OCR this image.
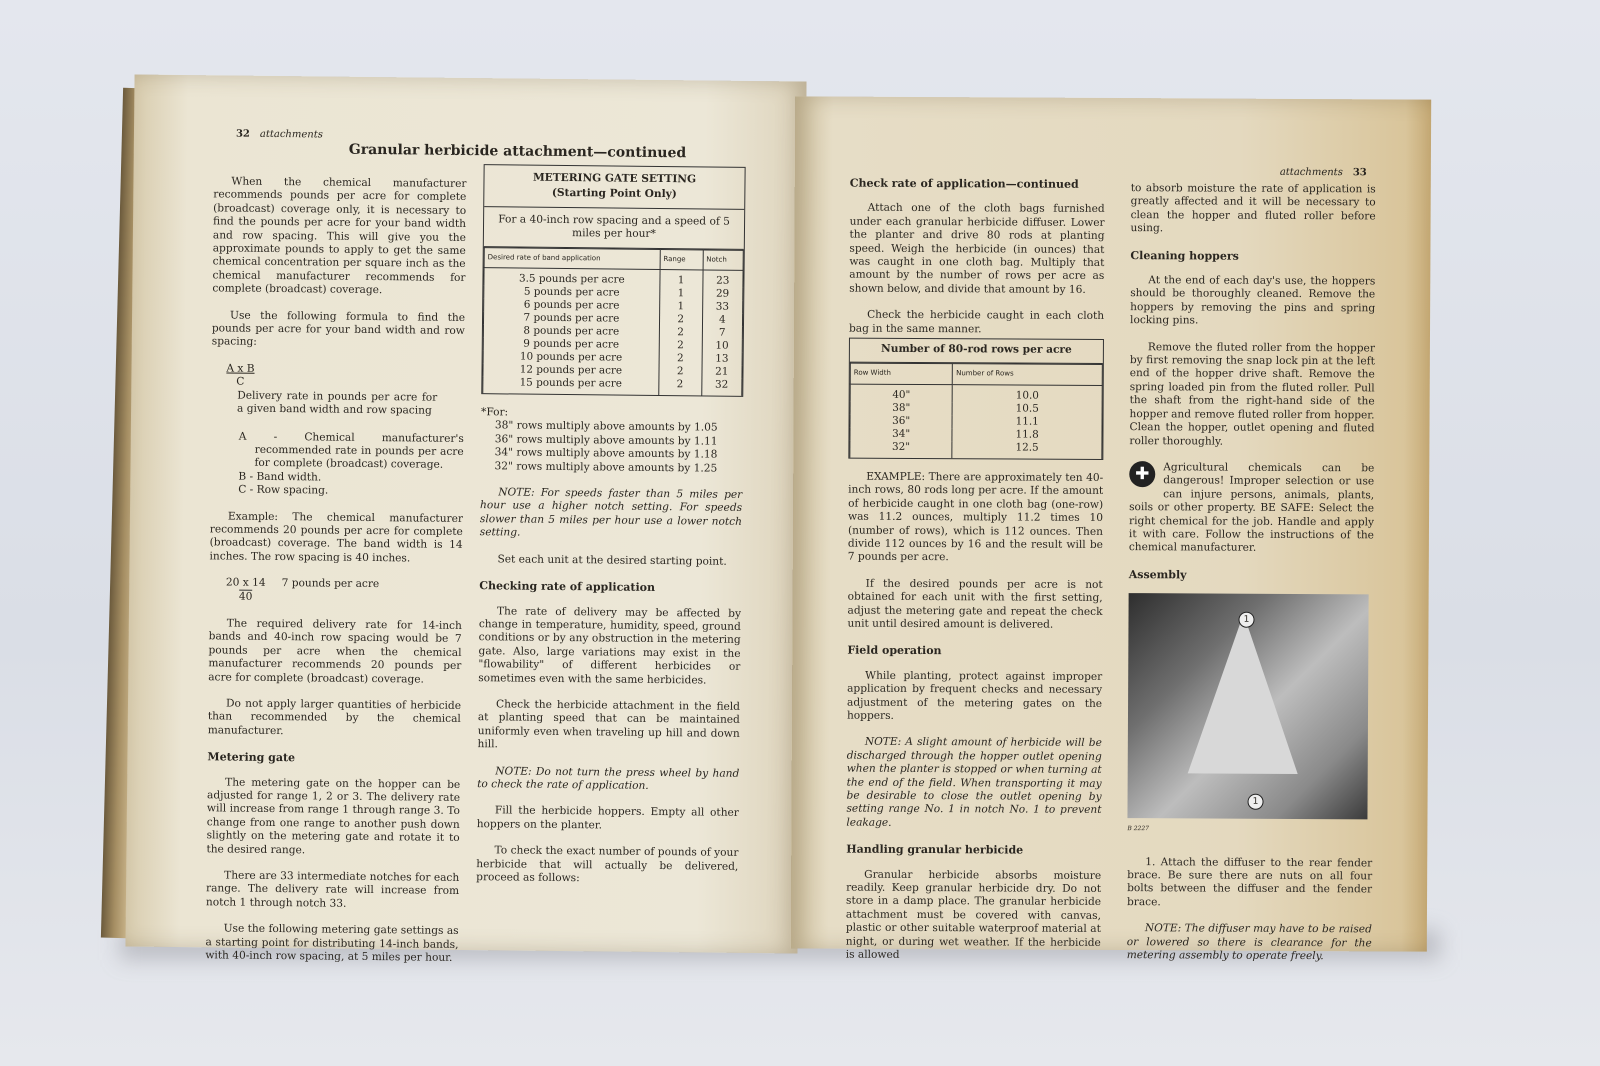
32 attachments
Granular herbicide attachment—continued

When the chemical manufacturer recommends pounds per acre for complete (broadcast) coverage only, it is necessary to find the pounds per acre for your band width and row spacing. This will give you the approximate pounds to apply to get the same chemical concentration per square inch as the chemical manufacturer recommends for complete (broadcast) coverage.

Use the following formula to find the pounds per acre for your band width and row spacing:

$\frac{\text{A x B}}{C}$ Delivery rate in pounds per acre for a given band width and row spacing
A - Chemical manufacturer's recommended rate in pounds per acre for complete (broadcast) coverage.
B - Band width.
C - Row spacing.

Example: The chemical manufacturer recommends 20 pounds per acre for complete (broadcast) coverage. The band width is 14 inches. The row spacing is 40 inches.

$\frac{20 x 14}{40} 7$ pounds per acre

The required delivery rate for 14-inch bands and 40-inch row spacing would be 7 pounds per acre when the chemical manufacturer recommends 20 pounds per acre for complete (broadcast) coverage.

Do not apply larger quantities of herbicide than recommended by the chemical manufacturer.

Metering gate

The metering gate on the hopper can be adjusted for range 1, 2 or 3. The delivery rate will increase from range 1 through range 3. To change from one range to another push down slightly on the metering gate and rotate it to the desired range.

There are 33 intermediate notches for each range. The delivery rate will increase from notch 1 through notch 33.

Use the following metering gate settings as a starting point for distributing 14-inch bands, with 40-inch row spacing, at 5 miles per hour.

METERING GATE SETTING
(Starting Point Only)
For a 40-inch row spacing and a speed of 5 miles per hour*
Desired rate of band application	Range	Notch
3.5 pounds per acre	1	23
5 pounds per acre	1	29
6 pounds per acre	1	33
7 pounds per acre	2	4
8 pounds per acre	2	7
9 pounds per acre	2	10
10 pounds per acre	2	13
12 pounds per acre	2	21
15 pounds per acre	2	32
*For:
38" rows multiply above amounts by 1.05
36" rows multiply above amounts by 1.11
34" rows multiply above amounts by 1.18
32" rows multiply above amounts by 1.25

NOTE: For speeds faster than 5 miles per hour use a higher notch setting. For speeds slower than 5 miles per hour use a lower notch setting.

Set each unit at the desired starting point.

Checking rate of application

The rate of delivery may be affected by change in temperature, humidity, speed, ground conditions or by any obstruction in the metering gate. Also, large variations may exist in the "flowability" of different herbicides or sometimes even with the same herbicides.

Check the herbicide attachment in the field at planting speed that can be maintained uniformly even when traveling up hill and down hill.

NOTE: Do not turn the press wheel by hand to check the rate of application.

Fill the herbicide hoppers. Empty all other hoppers on the planter.

To check the exact number of pounds of your herbicide that will actually be delivered, proceed as follows:

attachments 33
Check rate of application—continued

Attach one of the cloth bags furnished under each granular herbicide diffuser. Lower the planter and drive 80 rods at planting speed. Weigh the herbicide (in ounces) that was caught in one cloth bag. Multiply that amount by the number of rows per acre as shown below, and divide that amount by 16.

Check the herbicide caught in each cloth bag in the same manner.

Number of 80-rod rows per acre
Row Width	Number of Rows
40"	10.0
38"	10.5
36"	11.1
34"	11.8
32"	12.5

EXAMPLE: There are approximately ten 40-inch rows, 80 rods long per acre. If the amount of herbicide caught in one cloth bag (one-row) was 11.2 ounces, multiply 11.2 times 10 (number of rows), which is 112 ounces. Then divide 112 ounces by 16 and the result will be 7 pounds per acre.

If the desired pounds per acre is not obtained for each unit with the first setting, adjust the metering gate and repeat the check unit until desired amount is delivered.

Field operation

While planting, protect against improper application by frequent checks and necessary adjustment of the metering gates on the hoppers.

NOTE: A slight amount of herbicide will be discharged through the hopper outlet opening when the planter is stopped or when turning at the end of the field. When transporting it may be desirable to close the outlet opening by setting range No. 1 in notch No. 1 to prevent leakage.

Handling granular herbicide

Granular herbicide absorbs moisture readily. Keep granular herbicide dry. Do not store in a damp place. The granular herbicide attachment must be covered with canvas, plastic or other suitable waterproof material at night, or during wet weather. If the herbicide is allowed

to absorb moisture the rate of application is greatly affected and it will be necessary to clean the hopper and fluted roller before using.

Cleaning hoppers

At the end of each day's use, the hoppers should be thoroughly cleaned. Remove the hoppers by removing the pins and spring locking pins.

Remove the fluted roller from the hopper by first removing the snap lock pin at the left end of the hopper drive shaft. Remove the spring loaded pin from the fluted roller. Pull the shaft from the right-hand side of the hopper and remove fluted roller from hopper. Clean the hopper, outlet opening and fluted roller thoroughly.

✚	Agricultural chemicals can be dangerous! Improper selection or use can injure persons, animals, plants, soils or other property. BE SAFE: Select the right chemical for the job. Handle and apply it with care. Follow the instructions of the chemical manufacturer.

Assembly
1
1
B 2227

1. Attach the diffuser to the rear fender brace. Be sure there are nuts on all four bolts between the diffuser and the fender brace.

NOTE: The diffuser may have to be raised or lowered so there is clearance for the metering assembly to operate freely.
